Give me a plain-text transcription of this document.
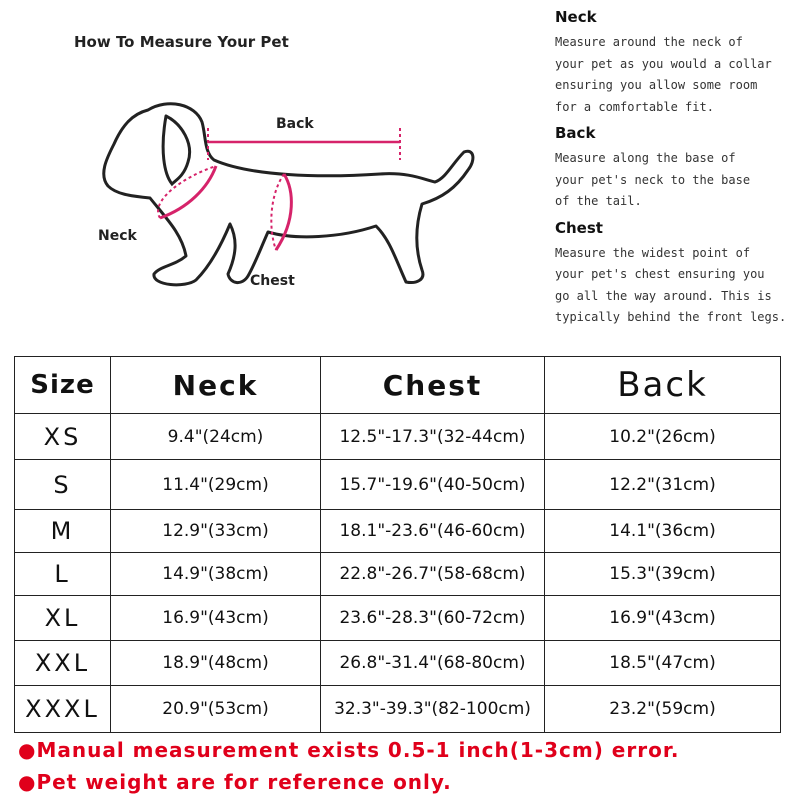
How To Measure Your Pet
Back
Neck
Chest
Neck
Measure around the neck of
your pet as you would a collar
ensuring you allow some room
for a comfortable fit.
Back
Measure along the base of
your pet's neck to the base
of the tail.
Chest
Measure the widest point of
your pet's chest ensuring you
go all the way around. This is
typically behind the front legs.
Size	Neck	Chest	Back
XS	9.4"(24cm)	12.5"-17.3"(32-44cm)	10.2"(26cm)
S	11.4"(29cm)	15.7"-19.6"(40-50cm)	12.2"(31cm)
M	12.9"(33cm)	18.1"-23.6"(46-60cm)	14.1"(36cm)
L	14.9"(38cm)	22.8"-26.7"(58-68cm)	15.3"(39cm)
XL	16.9"(43cm)	23.6"-28.3"(60-72cm)	16.9"(43cm)
XXL	18.9"(48cm)	26.8"-31.4"(68-80cm)	18.5"(47cm)
XXXL	20.9"(53cm)	32.3"-39.3"(82-100cm)	23.2"(59cm)
●Manual measurement exists 0.5-1 inch(1-3cm) error.
●Pet weight are for reference only.
